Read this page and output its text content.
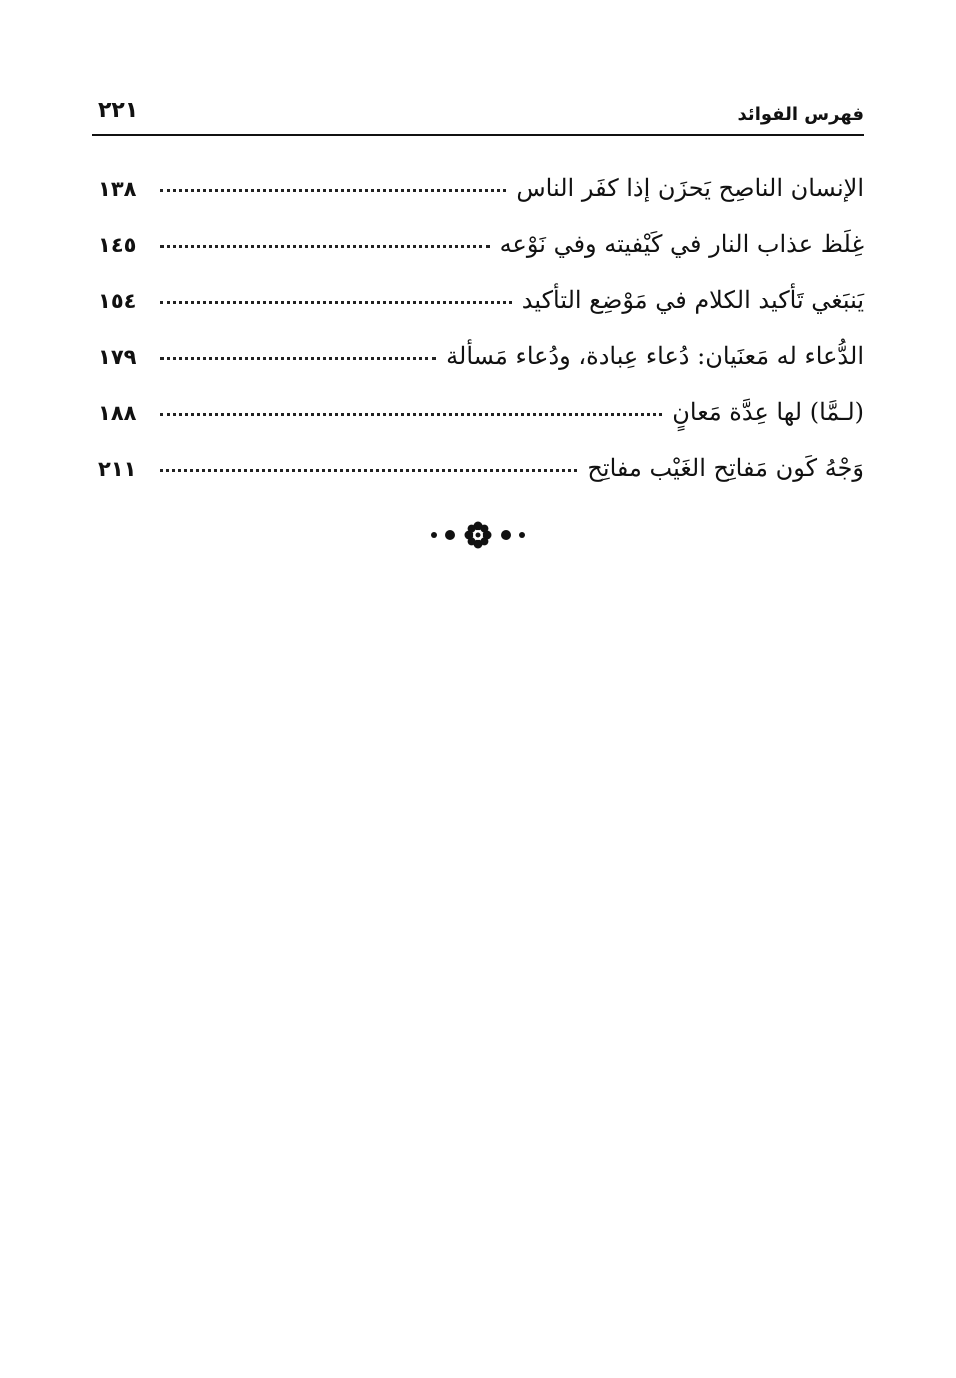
فهرس الفوائد
٢٢١
الإنسان الناصِح يَحزَن إذا كفَر الناس
١٣٨
غِلَظ عذاب النار في كَيْفيته وفي نَوْعه
١٤٥
يَنبَغي تَأكيد الكلام في مَوْضِع التأكيد
١٥٤
الدُّعاء له مَعنَيان: دُعاء عِبادة، ودُعاء مَسألة
١٧٩
(لـمَّا) لها عِدَّة مَعانٍ
١٨٨
وَجْهُ كَون مَفاتِح الغَيْب مفاتِح
٢١١
